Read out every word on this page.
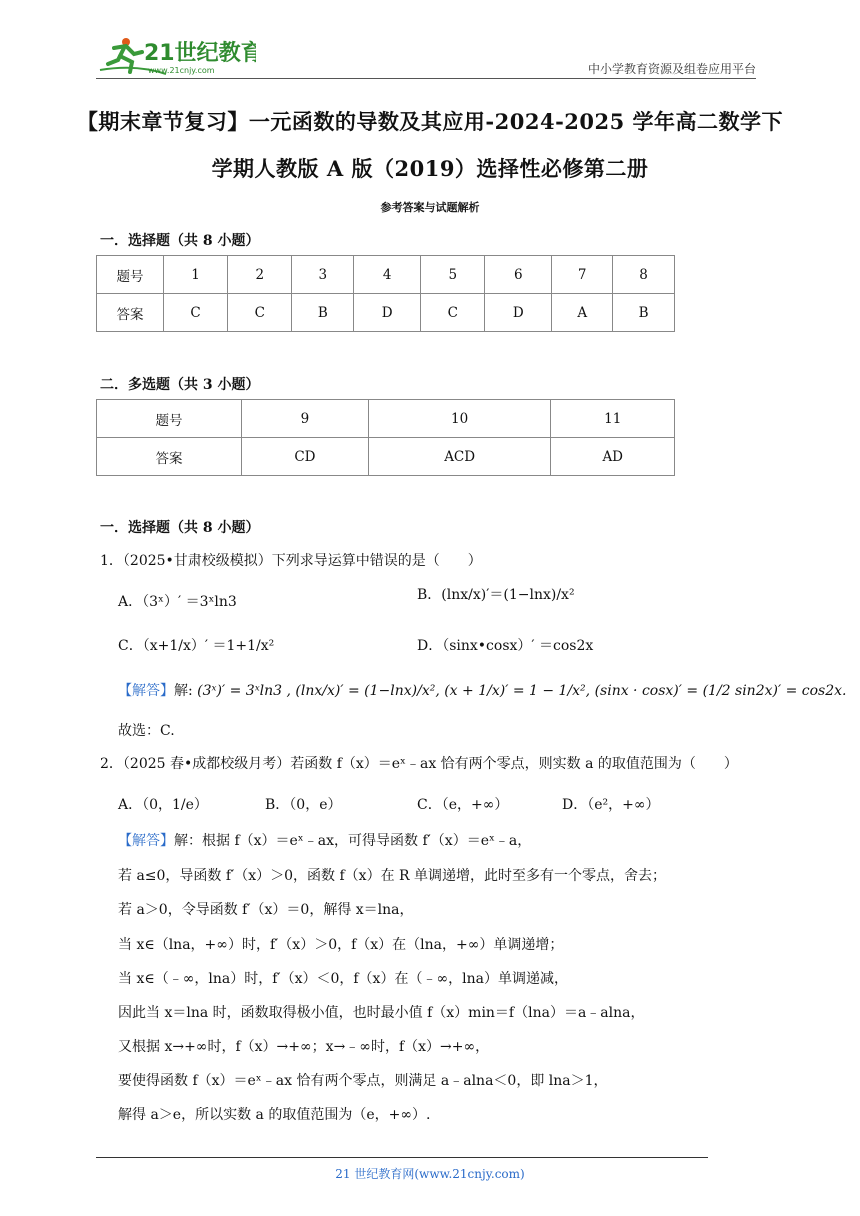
21世纪教育
www.21cnjy.com	中小学教育资源及组卷应用平台
【期末章节复习】一元函数的导数及其应用-2024-2025 学年高二数学下
学期人教版 A 版（2019）选择性必修第二册
参考答案与试题解析
一．选择题（共 8 小题）
题号	1	2	3	4	5	6	7	8
答案	C	C	B	D	C	D	A	B
二．多选题（共 3 小题）
题号	9	10	11
答案	CD	ACD	AD
一．选择题（共 8 小题）
1．（2025•甘肃校级模拟）下列求导运算中错误的是（　　）
A．（3ˣ）′ ＝3ˣln3	B．(lnx/x)′＝(1−lnx)/x²
C．（x+1/x）′ ＝1+1/x²	D．（sinx•cosx）′ ＝cos2x
【解答】解: (3ˣ)′ = 3ˣln3 , (lnx/x)′ = (1−lnx)/x², (x + 1/x)′ = 1 − 1/x², (sinx · cosx)′ = (1/2 sin2x)′ = cos2x.
故选：C.
2．（2025 春•成都校级月考）若函数 f（x）＝eˣ﹣ax 恰有两个零点，则实数 a 的取值范围为（　　）
A．（0，1/e）	B．（0，e）	C．（e，+∞）	D．（e²，+∞）
【解答】解：根据 f（x）＝eˣ﹣ax，可得导函数 f′（x）＝eˣ﹣a，
若 a≤0，导函数 f′（x）＞0，函数 f（x）在 R 单调递增，此时至多有一个零点，舍去；
若 a＞0，令导函数 f′（x）＝0，解得 x＝lna，
当 x∈（lna，+∞）时，f′（x）＞0，f（x）在（lna，+∞）单调递增；
当 x∈（﹣∞，lna）时，f′（x）＜0，f（x）在（﹣∞，lna）单调递减，
因此当 x＝lna 时，函数取得极小值，也时最小值 f（x）min＝f（lna）＝a﹣alna，
又根据 x→+∞时，f（x）→+∞；x→﹣∞时，f（x）→+∞，
要使得函数 f（x）＝eˣ﹣ax 恰有两个零点，则满足 a﹣alna＜0，即 lna＞1，
解得 a＞e，所以实数 a 的取值范围为（e，+∞）.
21 世纪教育网(www.21cnjy.com)
